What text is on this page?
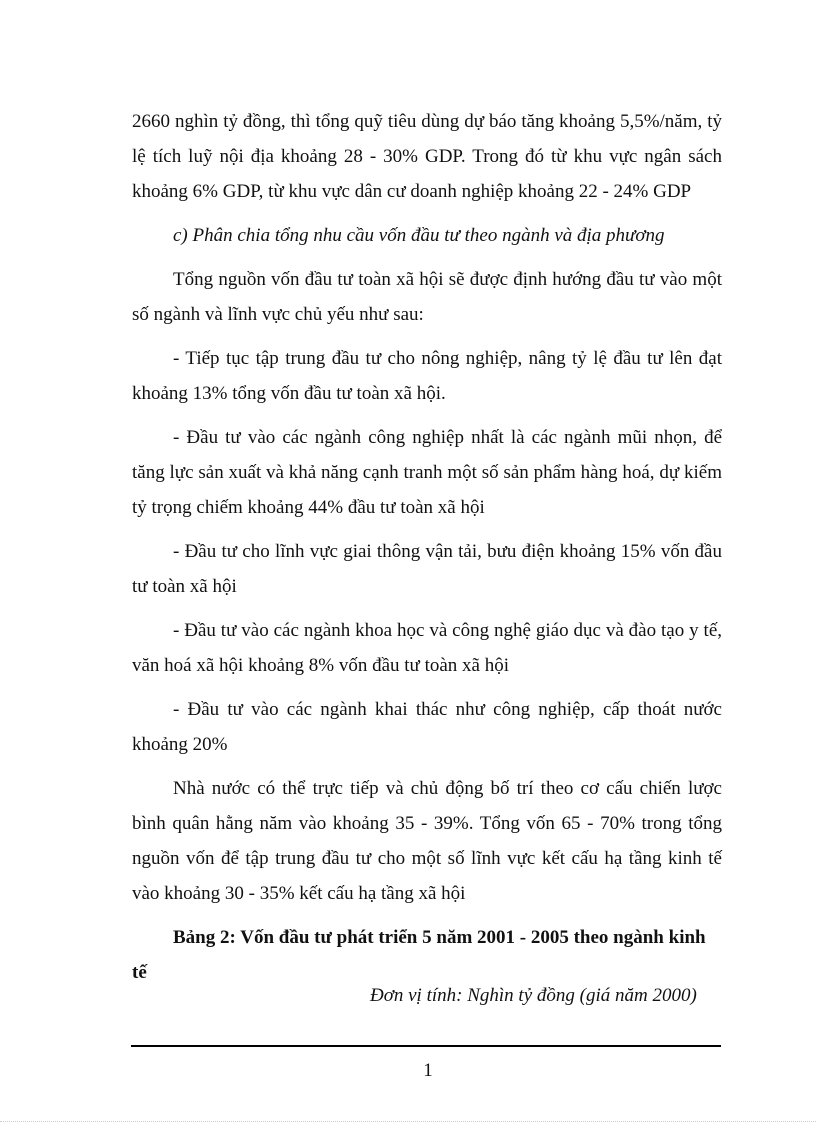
2660 nghìn tỷ đồng, thì tổng quỹ tiêu dùng dự báo tăng khoảng 5,5%/năm, tỷ lệ tích luỹ nội địa khoảng 28 - 30% GDP. Trong đó từ khu vực ngân sách khoảng 6% GDP, từ khu vực dân cư doanh nghiệp khoảng 22 - 24% GDP

c) Phân chia tổng nhu cầu vốn đầu tư theo ngành và địa phương

Tổng nguồn vốn đầu tư toàn xã hội sẽ được định hướng đầu tư vào một số ngành và lĩnh vực chủ yếu như sau:

- Tiếp tục tập trung đầu tư cho nông nghiệp, nâng tỷ lệ đầu tư lên đạt khoảng 13% tổng vốn đầu tư toàn xã hội.

- Đầu tư vào các ngành công nghiệp nhất là các ngành mũi nhọn, để tăng lực sản xuất và khả năng cạnh tranh một số sản phẩm hàng hoá, dự kiếm tỷ trọng chiếm khoảng 44% đầu tư toàn xã hội

- Đầu tư cho lĩnh vực giai thông vận tải, bưu điện khoảng 15% vốn đầu tư toàn xã hội

- Đầu tư vào các ngành khoa học và công nghệ giáo dục và đào tạo y tế, văn hoá xã hội khoảng 8% vốn đầu tư toàn xã hội

- Đầu tư vào các ngành khai thác như công nghiệp, cấp thoát nước khoảng 20%

Nhà nước có thể trực tiếp và chủ động bố trí theo cơ cấu chiến lược bình quân hằng năm vào khoảng 35 - 39%. Tổng vốn 65 - 70% trong tổng nguồn vốn để tập trung đầu tư cho một số lĩnh vực kết cấu hạ tầng kinh tế vào khoảng 30 - 35% kết cấu hạ tầng xã hội

Bảng 2: Vốn đầu tư phát triển 5 năm 2001 - 2005 theo ngành kinh tế

Đơn vị tính: Nghìn tỷ đồng (giá năm 2000)
1
